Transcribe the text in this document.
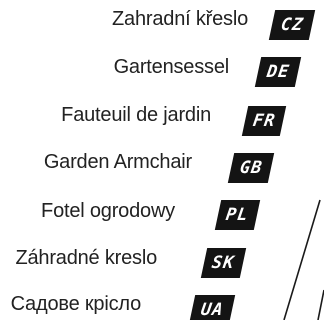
Zahradní křeslo CZ
Gartensessel DE
Fauteuil de jardin FR
Garden Armchair	GB
Fotel ogrodowy	PL
Záhradné kreslo	SK
Садове крісло	UA
